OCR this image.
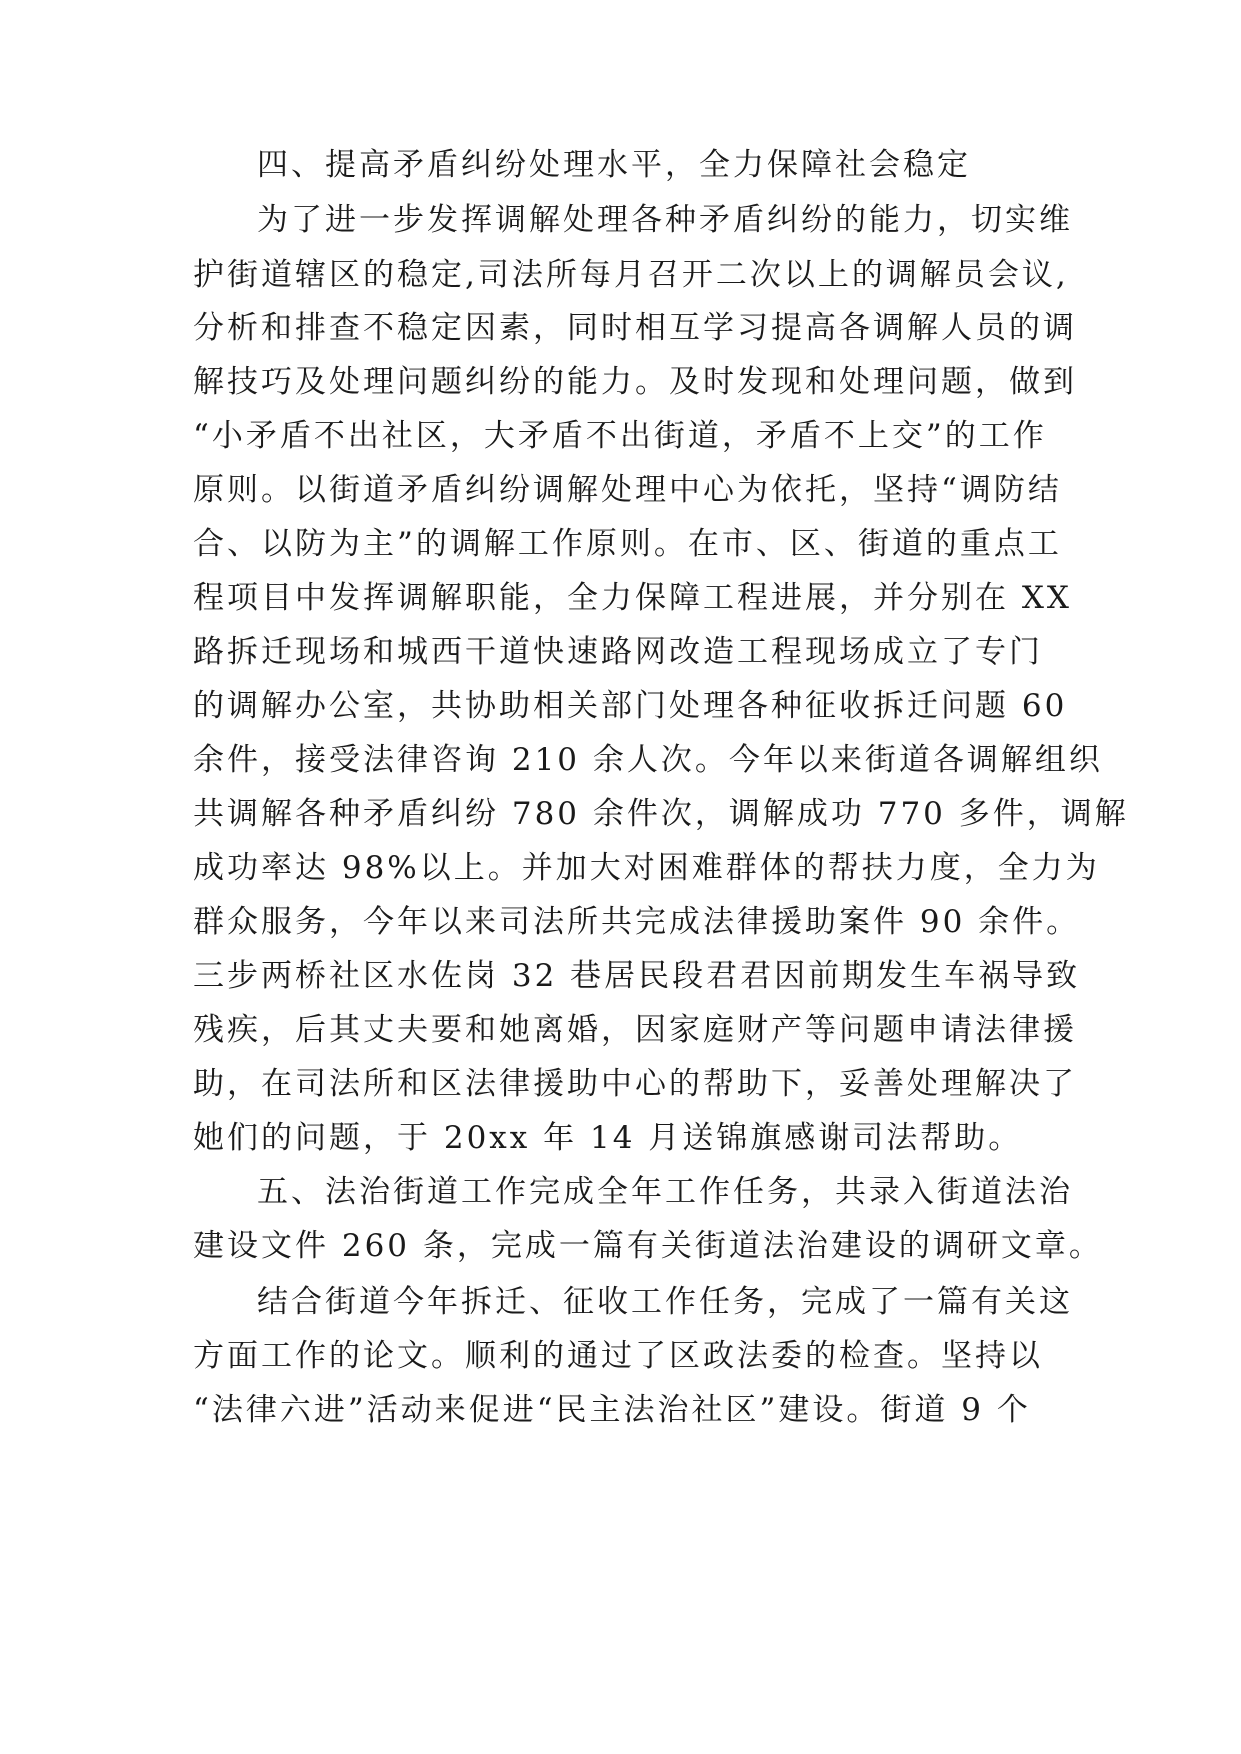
四、提高矛盾纠纷处理水平，全力保障社会稳定
为了进一步发挥调解处理各种矛盾纠纷的能力，切实维
护街道辖区的稳定,司法所每月召开二次以上的调解员会议,
分析和排查不稳定因素，同时相互学习提高各调解人员的调
解技巧及处理问题纠纷的能力。及时发现和处理问题，做到
“小矛盾不出社区，大矛盾不出街道，矛盾不上交”的工作
原则。以街道矛盾纠纷调解处理中心为依托，坚持“调防结
合、以防为主”的调解工作原则。在市、区、街道的重点工
程项目中发挥调解职能，全力保障工程进展，并分别在 XX
路拆迁现场和城西干道快速路网改造工程现场成立了专门
的调解办公室，共协助相关部门处理各种征收拆迁问题 60
余件，接受法律咨询 210 余人次。今年以来街道各调解组织
共调解各种矛盾纠纷 780 余件次，调解成功 770 多件，调解
成功率达 98%以上。并加大对困难群体的帮扶力度，全力为
群众服务，今年以来司法所共完成法律援助案件 90 余件。
三步两桥社区水佐岗 32 巷居民段君君因前期发生车祸导致
残疾，后其丈夫要和她离婚，因家庭财产等问题申请法律援
助，在司法所和区法律援助中心的帮助下，妥善处理解决了
她们的问题，于 20xx 年 14 月送锦旗感谢司法帮助。
五、法治街道工作完成全年工作任务，共录入街道法治
建设文件 260 条，完成一篇有关街道法治建设的调研文章。
结合街道今年拆迁、征收工作任务，完成了一篇有关这
方面工作的论文。顺利的通过了区政法委的检查。坚持以
“法律六进”活动来促进“民主法治社区”建设。街道 9 个
